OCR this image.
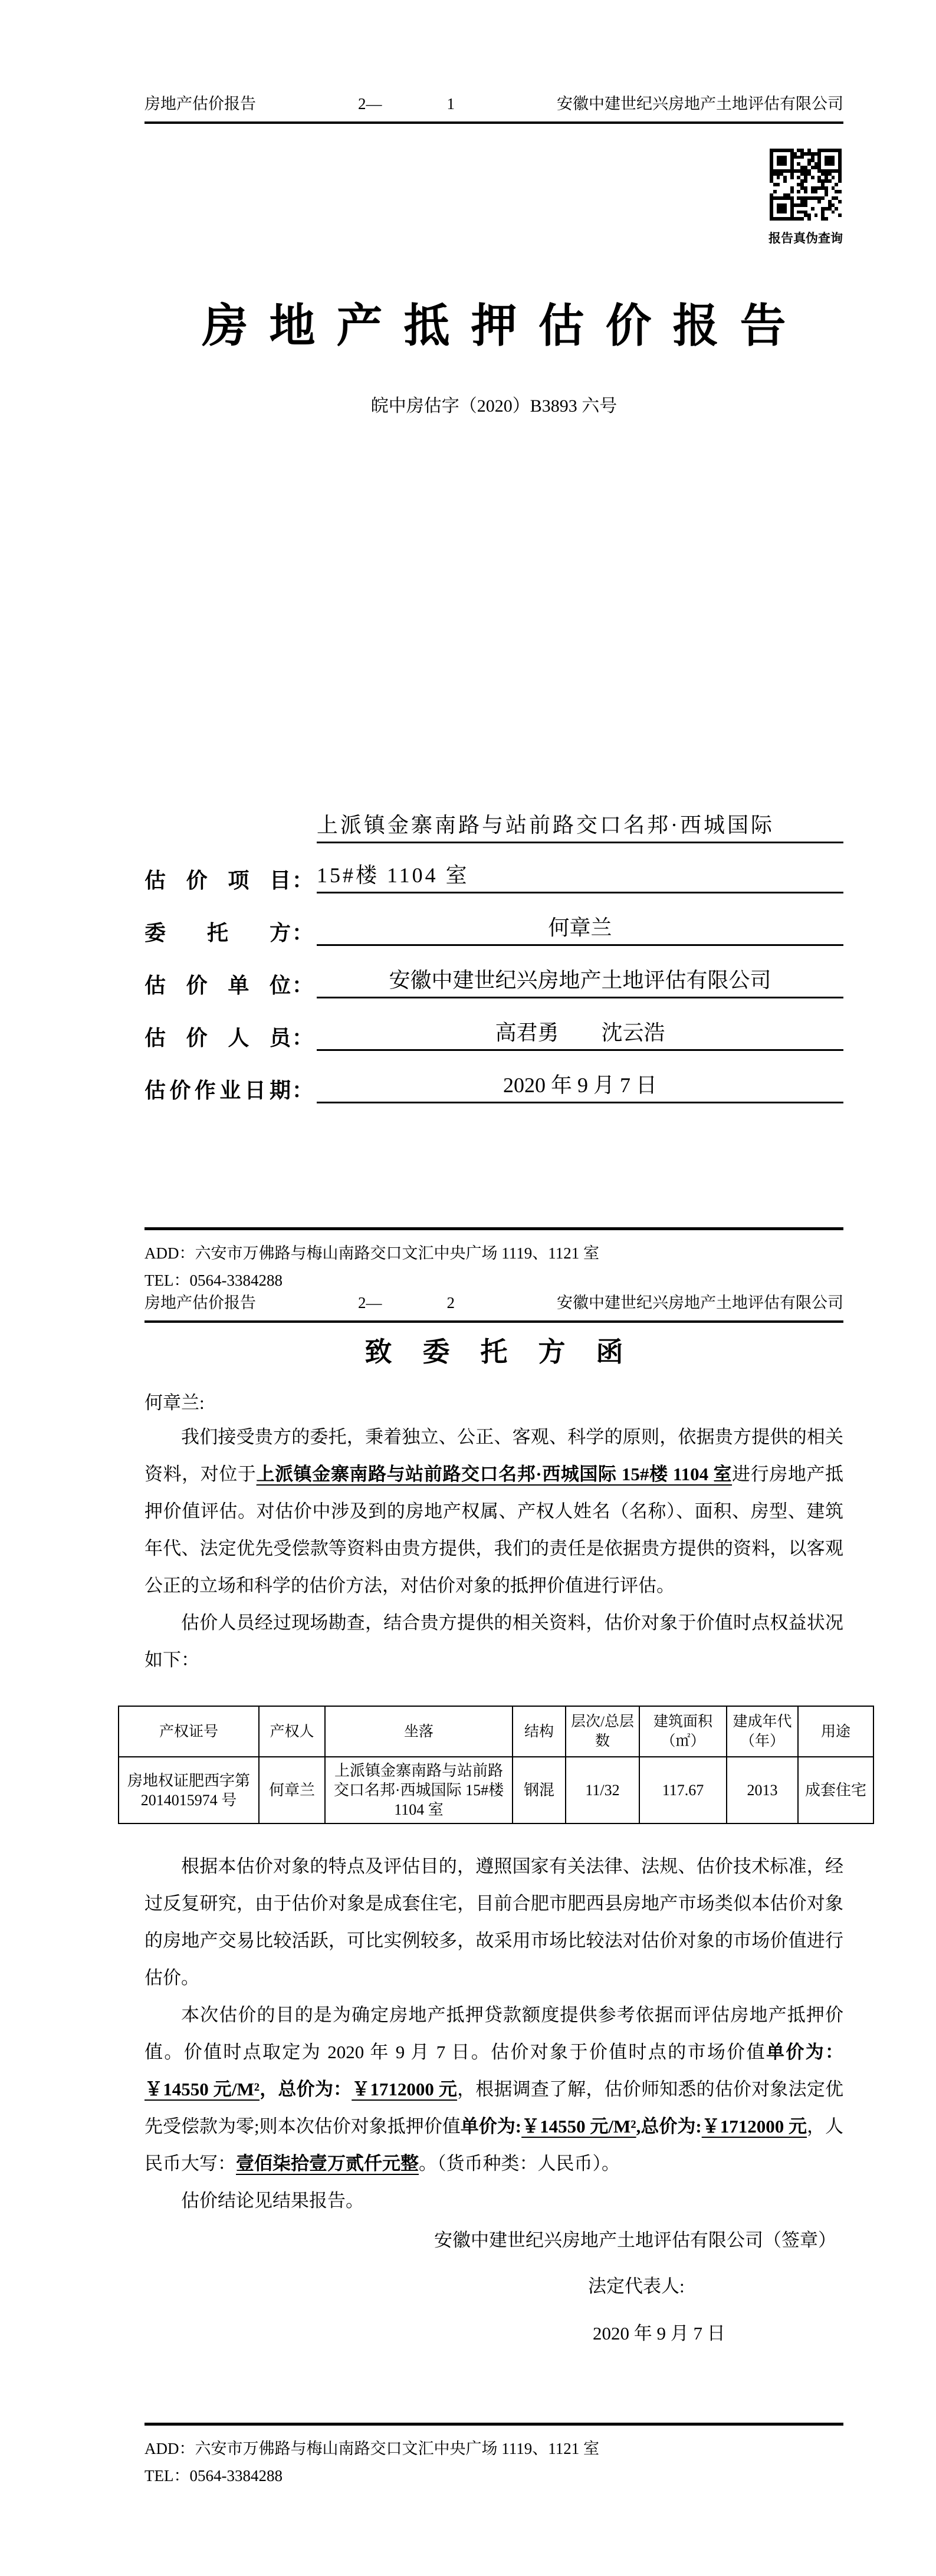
房地产估价报告	2—	1	安徽中建世纪兴房地产土地评估有限公司
报告真伪查询
房地产抵押估价报告
皖中房估字（2020）B3893 六号
估价项目 ：
上派镇金寨南路与站前路交口名邦·西城国际
15#楼 1104 室
委托方 ：	何章兰
估价单位 ：	安徽中建世纪兴房地产土地评估有限公司
估价人员 ：	高君勇　　沈云浩
估价作业日期 ：	2020 年 9 月 7 日
房地产估价报告	2—	2	安徽中建世纪兴房地产土地评估有限公司
致委托方函
何章兰:

我们接受贵方的委托，秉着独立、公正、客观、科学的原则，依据贵方提供的相关资料，对位于上派镇金寨南路与站前路交口名邦·西城国际 15#楼 1104 室进行房地产抵押价值评估。对估价中涉及到的房地产权属、产权人姓名（名称）、面积、房型、建筑年代、法定优先受偿款等资料由贵方提供，我们的责任是依据贵方提供的资料，以客观公正的立场和科学的估价方法，对估价对象的抵押价值进行评估。

估价人员经过现场勘查，结合贵方提供的相关资料，估价对象于价值时点权益状况如下：

产权证号	产权人	坐落	结构	层次/总层数	建筑面积（㎡）	建成年代（年）	用途
房地权证肥西字第2014015974 号	何章兰	上派镇金寨南路与站前路交口名邦·西城国际 15#楼 1104 室	钢混	11/32	117.67	2013	成套住宅

根据本估价对象的特点及评估目的，遵照国家有关法律、法规、估价技术标准，经过反复研究，由于估价对象是成套住宅，目前合肥市肥西县房地产市场类似本估价对象的房地产交易比较活跃，可比实例较多，故采用市场比较法对估价对象的市场价值进行估价。

本次估价的目的是为确定房地产抵押贷款额度提供参考依据而评估房地产抵押价值。价值时点取定为 2020 年 9 月 7 日。估价对象于价值时点的市场价值单价为：￥14550 元/M²，总价为：￥1712000 元，根据调查了解，估价师知悉的估价对象法定优先受偿款为零;则本次估价对象抵押价值单价为:￥14550 元/M²,总价为:￥1712000 元，人民币大写：壹佰柒拾壹万贰仟元整。（货币种类：人民币）。

估价结论见结果报告。

安徽中建世纪兴房地产土地评估有限公司（签章）
法定代表人:
2020 年 9 月 7 日
ADD：六安市万佛路与梅山南路交口文汇中央广场 1119、1121 室
TEL：0564-3384288
ADD：六安市万佛路与梅山南路交口文汇中央广场 1119、1121 室
TEL：0564-3384288
